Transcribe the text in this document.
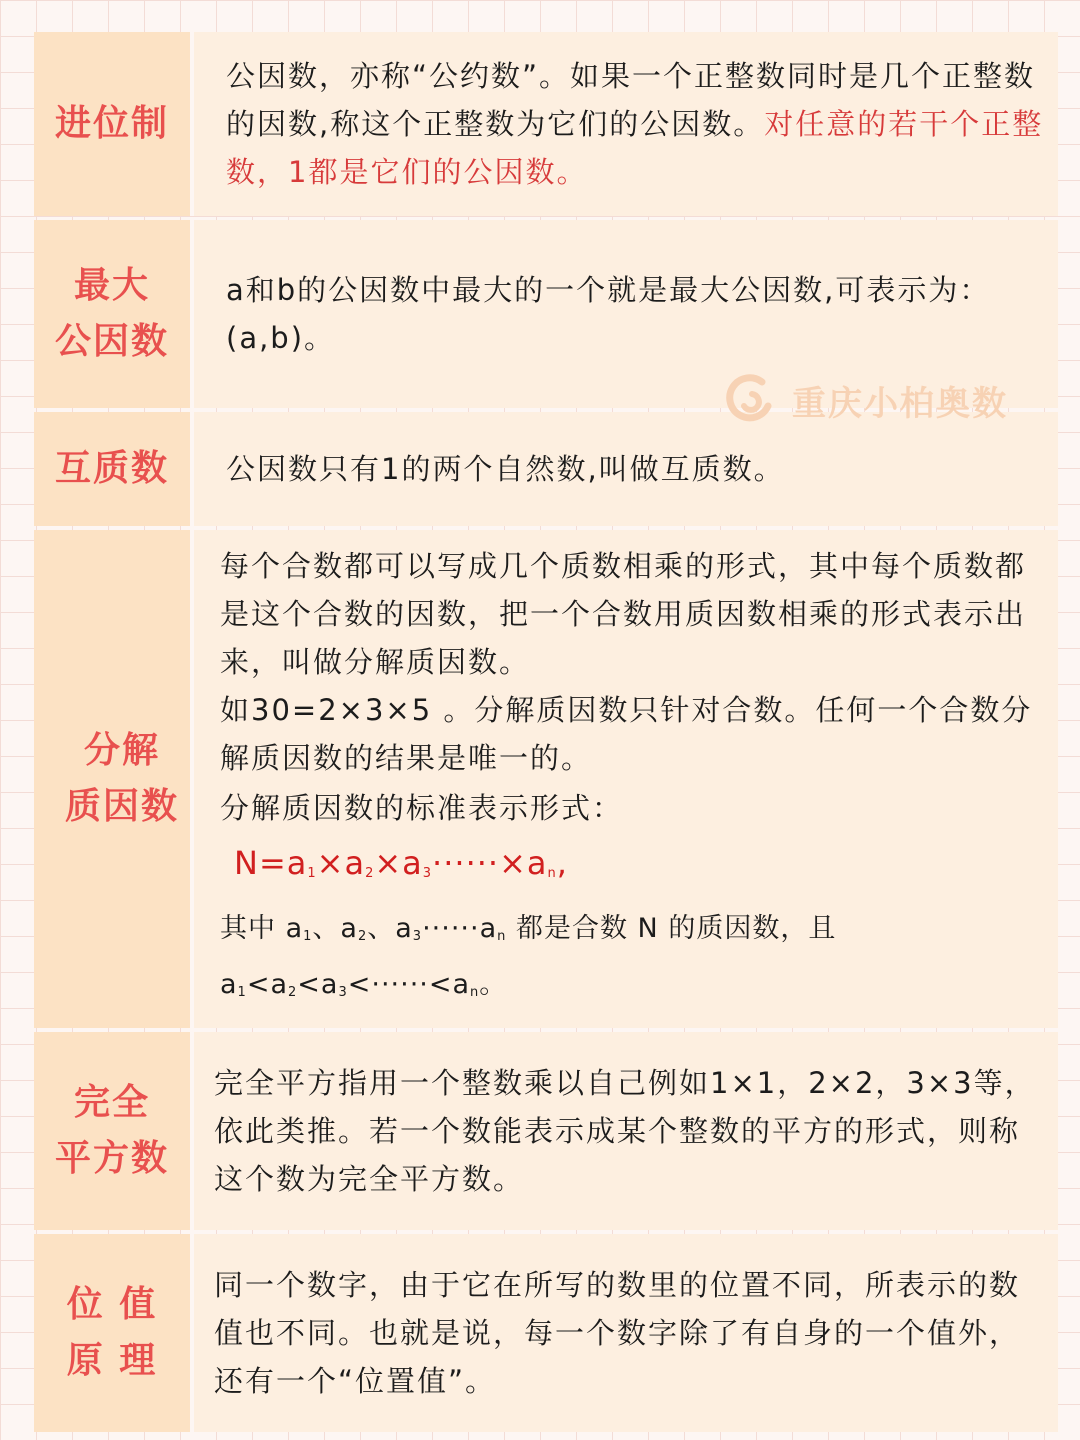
进位制

公因数，亦称“公约数”。如果一个正整数同时是几个正整数的因数,称这个正整数为它们的公因数。对任意的若干个正整数，1都是它们的公因数。

最大
公因数

a和b的公因数中最大的一个就是最大公因数,可表示为：(a,b)。

互质数 公因数只有1的两个自然数,叫做互质数。

分解
质因数

每个合数都可以写成几个质数相乘的形式，其中每个质数都是这个合数的因数，把一个合数用质因数相乘的形式表示出来，叫做分解质因数。

如30=2×3×5 。分解质因数只针对合数。任何一个合数分解质因数的结果是唯一的。

分解质因数的标准表示形式：

$N=a_1\times a_2\times a_3\cdot\cdot\cdot\cdot\cdot\cdot\times a_n$,

其中 $a_1$、$a_2$、$a_3\cdot\cdot\cdot\cdot\cdot\cdot a_n$ 都是合数 N 的质因数，且 $a_1<a_2<a_3<\cdot\cdot\cdot\cdot\cdot\cdot<a_n$。

完全
平方数

完全平方指用一个整数乘以自己例如1×1，2×2，3×3等，依此类推。若一个数能表示成某个整数的平方的形式，则称这个数为完全平方数。

位 值
原 理

同一个数字，由于它在所写的数里的位置不同，所表示的数值也不同。也就是说，每一个数字除了有自身的一个值外，还有一个“位置值”。

重庆小柏奥数
